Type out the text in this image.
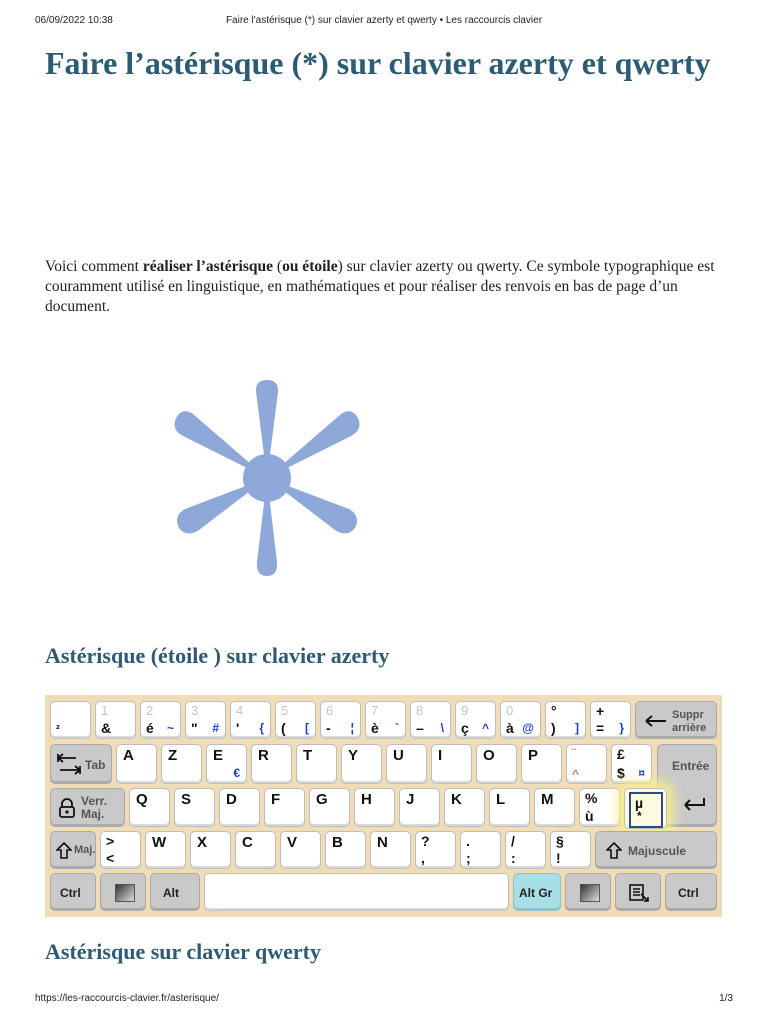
06/09/2022 10:38	Faire l'astérisque (*) sur clavier azerty et qwerty • Les raccourcis clavier
Faire l’astérisque (*) sur clavier azerty et qwerty

Voici comment réaliser l’astérisque (ou étoile) sur clavier azerty ou qwerty. Ce symbole typographique est couramment utilisé en linguistique, en mathématiques et pour réaliser des renvois en bas de page d’un document.

Astérisque (étoile ) sur clavier azerty
²
1
&
2
é ~
3
" #
4
' {
5
( [
6
- ¦
7
è `
8
– \
9
ç ^
0
à @
°
) ]
+
= }
Suppr arrière
Tab
A Z E
€
R T Y U I	O P	¨
^
£
$ ¤ Entrée
Verr. Maj.
Q S D F G H J K L M %
ù
µ
*
Maj.
>
<
W X C V B N ?
,
.
;
/
:
§
!	Majuscule
Ctrl	Alt	Alt Gr	Ctrl
Astérisque sur clavier qwerty
https://les-raccourcis-clavier.fr/asterisque/	1/3
